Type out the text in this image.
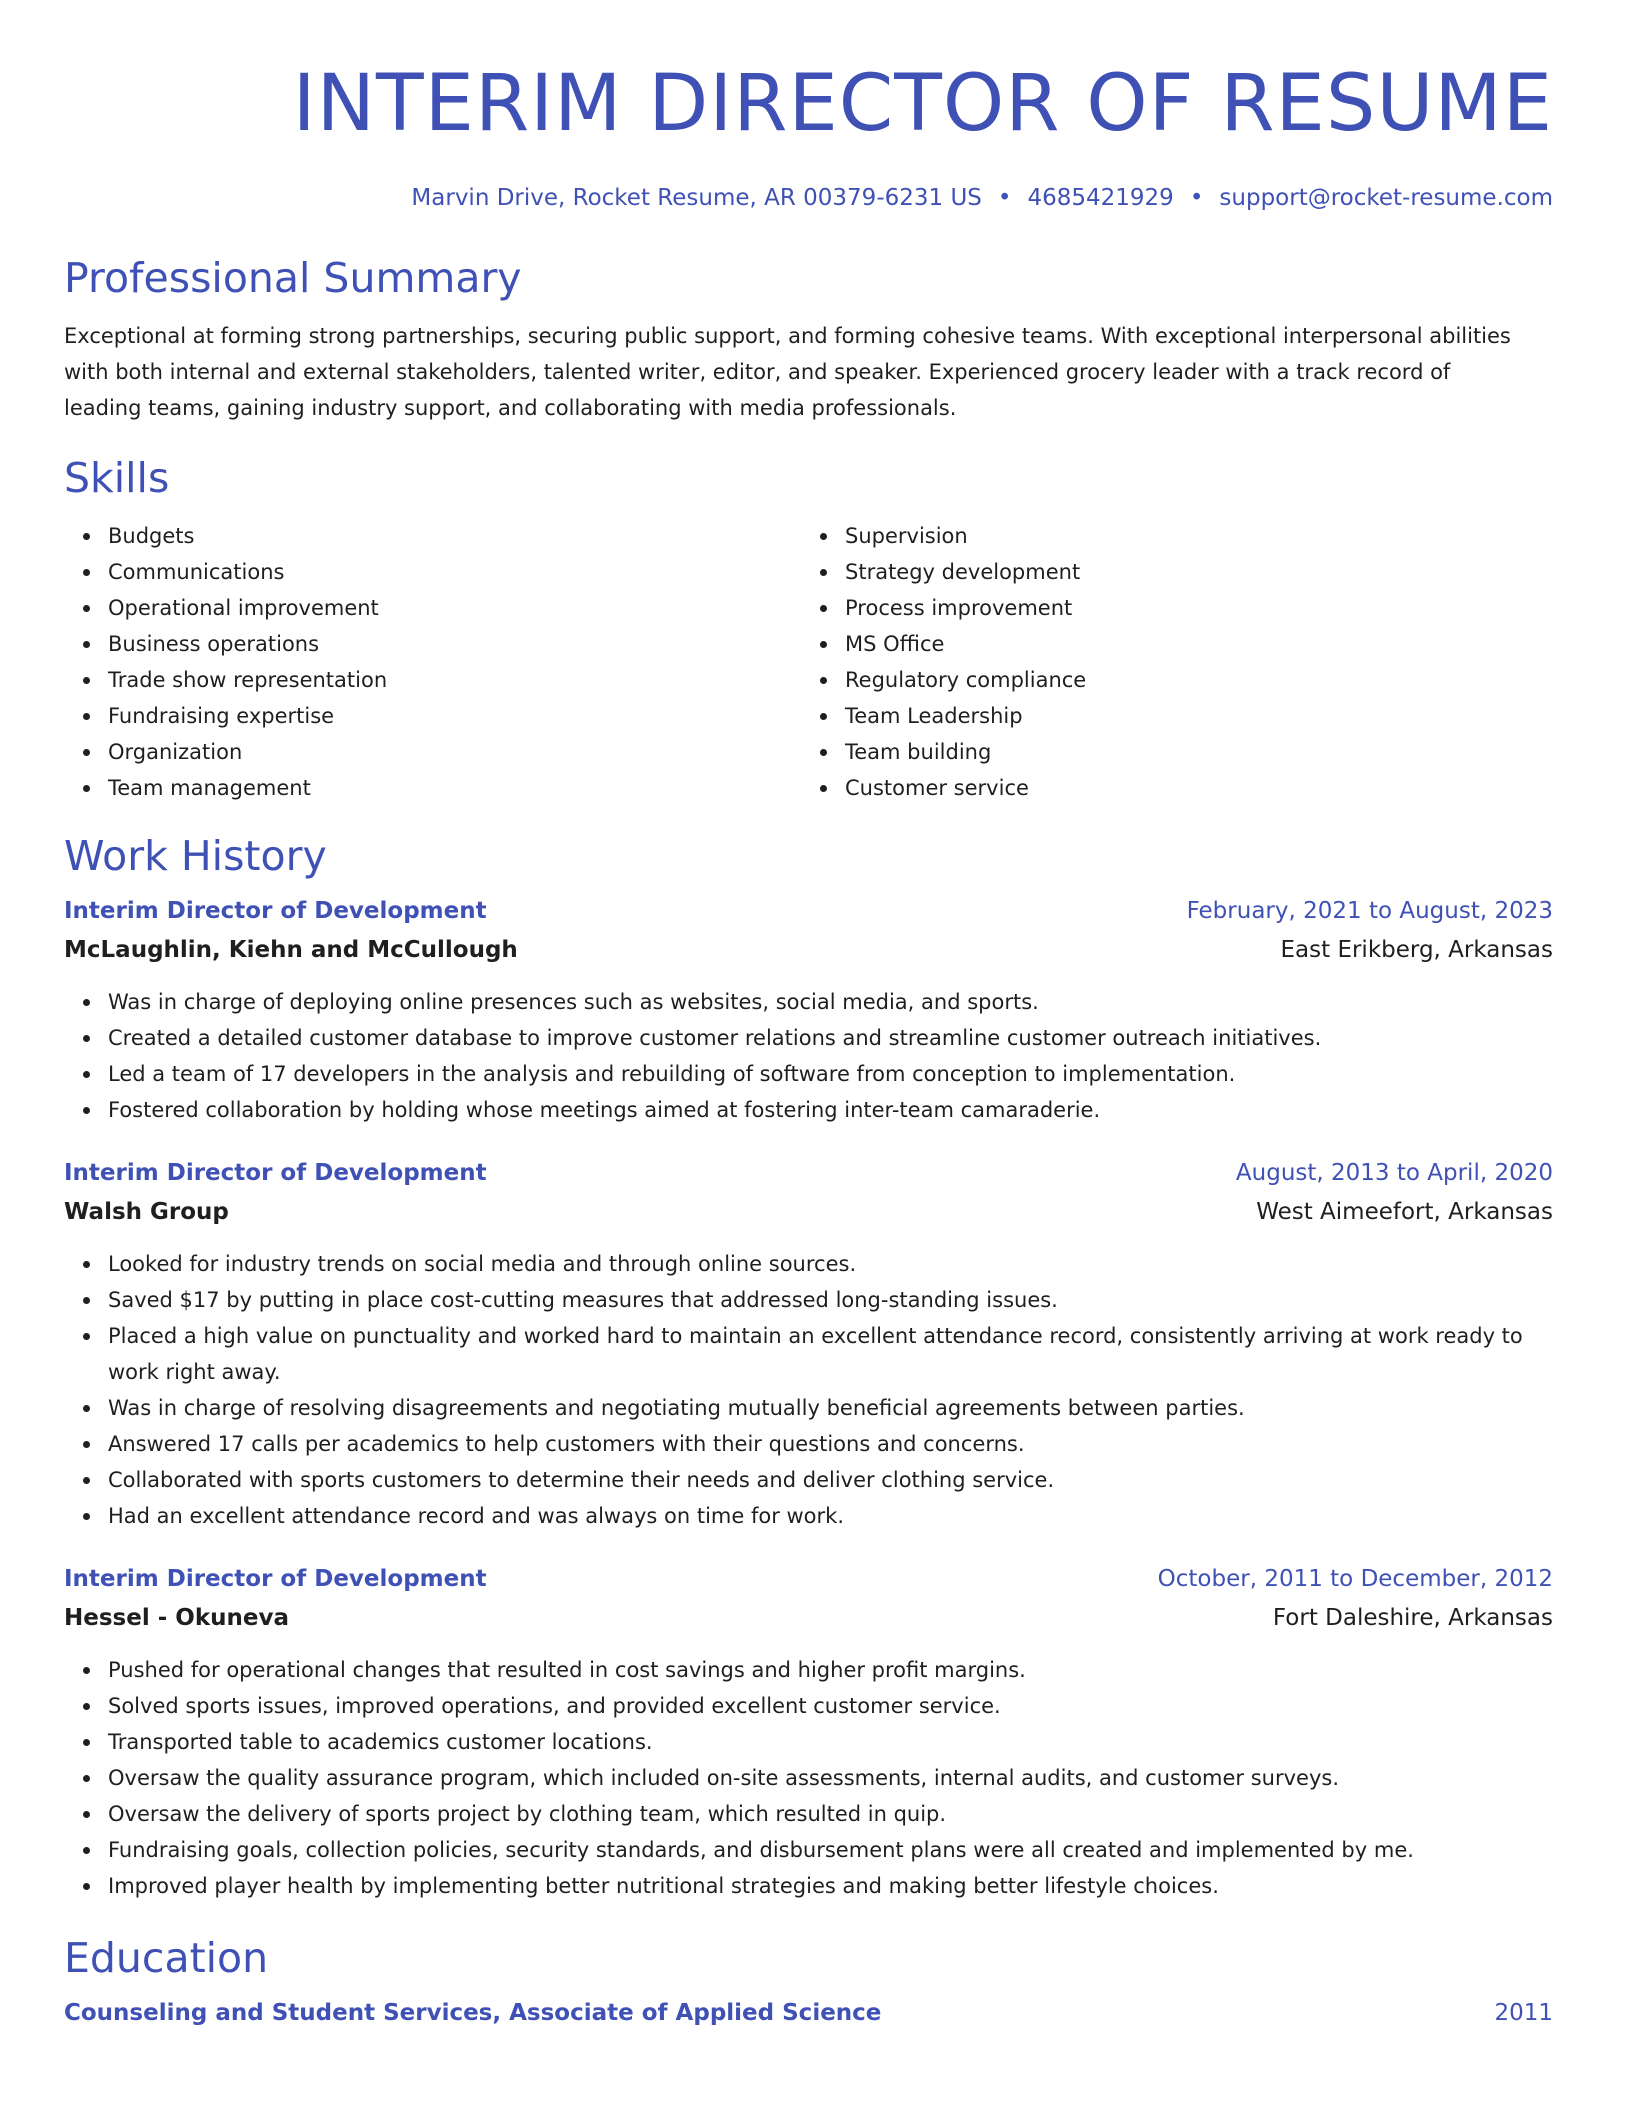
INTERIM DIRECTOR OF RESUME
Marvin Drive, Rocket Resume, AR 00379-6231 US • 4685421929 • support@rocket-resume.com
Professional Summary
Exceptional at forming strong partnerships, securing public support, and forming cohesive teams. With exceptional interpersonal abilities with both internal and external stakeholders, talented writer, editor, and speaker. Experienced grocery leader with a track record of leading teams, gaining industry support, and collaborating with media professionals.
Skills
Budgets
Communications
Operational improvement
Business operations
Trade show representation
Fundraising expertise
Organization
Team management
Supervision
Strategy development
Process improvement
MS Office
Regulatory compliance
Team Leadership
Team building
Customer service
Work History
Interim Director of Development	February, 2021 to August, 2023
McLaughlin, Kiehn and McCullough	East Erikberg, Arkansas
Was in charge of deploying online presences such as websites, social media, and sports.
Created a detailed customer database to improve customer relations and streamline customer outreach initiatives.
Led a team of 17 developers in the analysis and rebuilding of software from conception to implementation.
Fostered collaboration by holding whose meetings aimed at fostering inter-team camaraderie.
Interim Director of Development	August, 2013 to April, 2020
Walsh Group	West Aimeefort, Arkansas
Looked for industry trends on social media and through online sources.
Saved $17 by putting in place cost-cutting measures that addressed long-standing issues.
Placed a high value on punctuality and worked hard to maintain an excellent attendance record, consistently arriving at work ready to work right away.
Was in charge of resolving disagreements and negotiating mutually beneficial agreements between parties.
Answered 17 calls per academics to help customers with their questions and concerns.
Collaborated with sports customers to determine their needs and deliver clothing service.
Had an excellent attendance record and was always on time for work.
Interim Director of Development	October, 2011 to December, 2012
Hessel - Okuneva	Fort Daleshire, Arkansas
Pushed for operational changes that resulted in cost savings and higher profit margins.
Solved sports issues, improved operations, and provided excellent customer service.
Transported table to academics customer locations.
Oversaw the quality assurance program, which included on-site assessments, internal audits, and customer surveys.
Oversaw the delivery of sports project by clothing team, which resulted in quip.
Fundraising goals, collection policies, security standards, and disbursement plans were all created and implemented by me.
Improved player health by implementing better nutritional strategies and making better lifestyle choices.
Education
Counseling and Student Services, Associate of Applied Science	2011
